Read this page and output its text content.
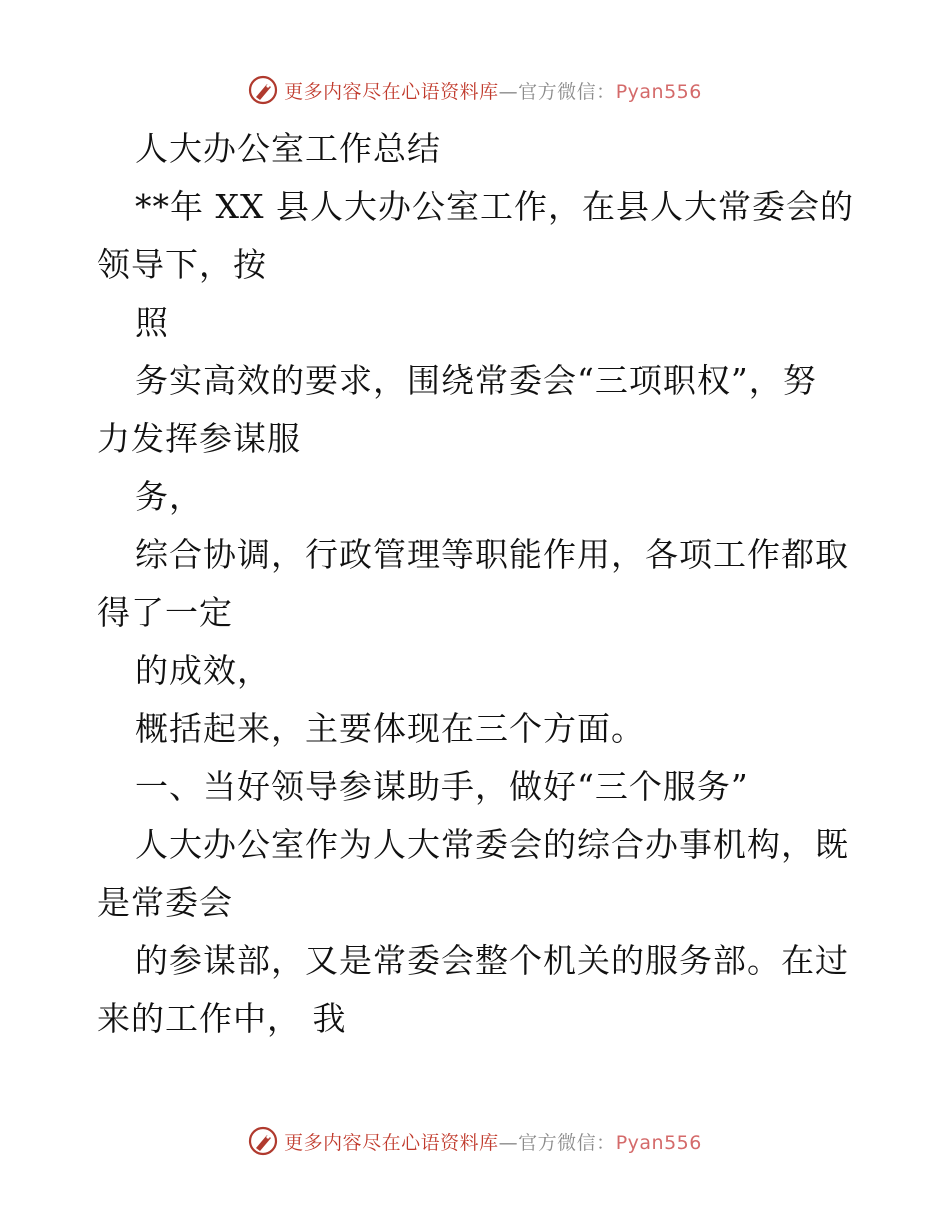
更多内容尽在心语资料库—官方微信：Pyan556
人大办公室工作总结
**年 XX 县人大办公室工作，在县人大常委会的
领导下，按
照
务实高效的要求，围绕常委会“三项职权”，努
力发挥参谋服
务，
综合协调，行政管理等职能作用，各项工作都取
得了一定
的成效，
概括起来，主要体现在三个方面。
一、当好领导参谋助手，做好“三个服务”
人大办公室作为人大常委会的综合办事机构，既
是常委会
的参谋部，又是常委会整个机关的服务部。在过
来的工作中， 我
更多内容尽在心语资料库—官方微信：Pyan556
